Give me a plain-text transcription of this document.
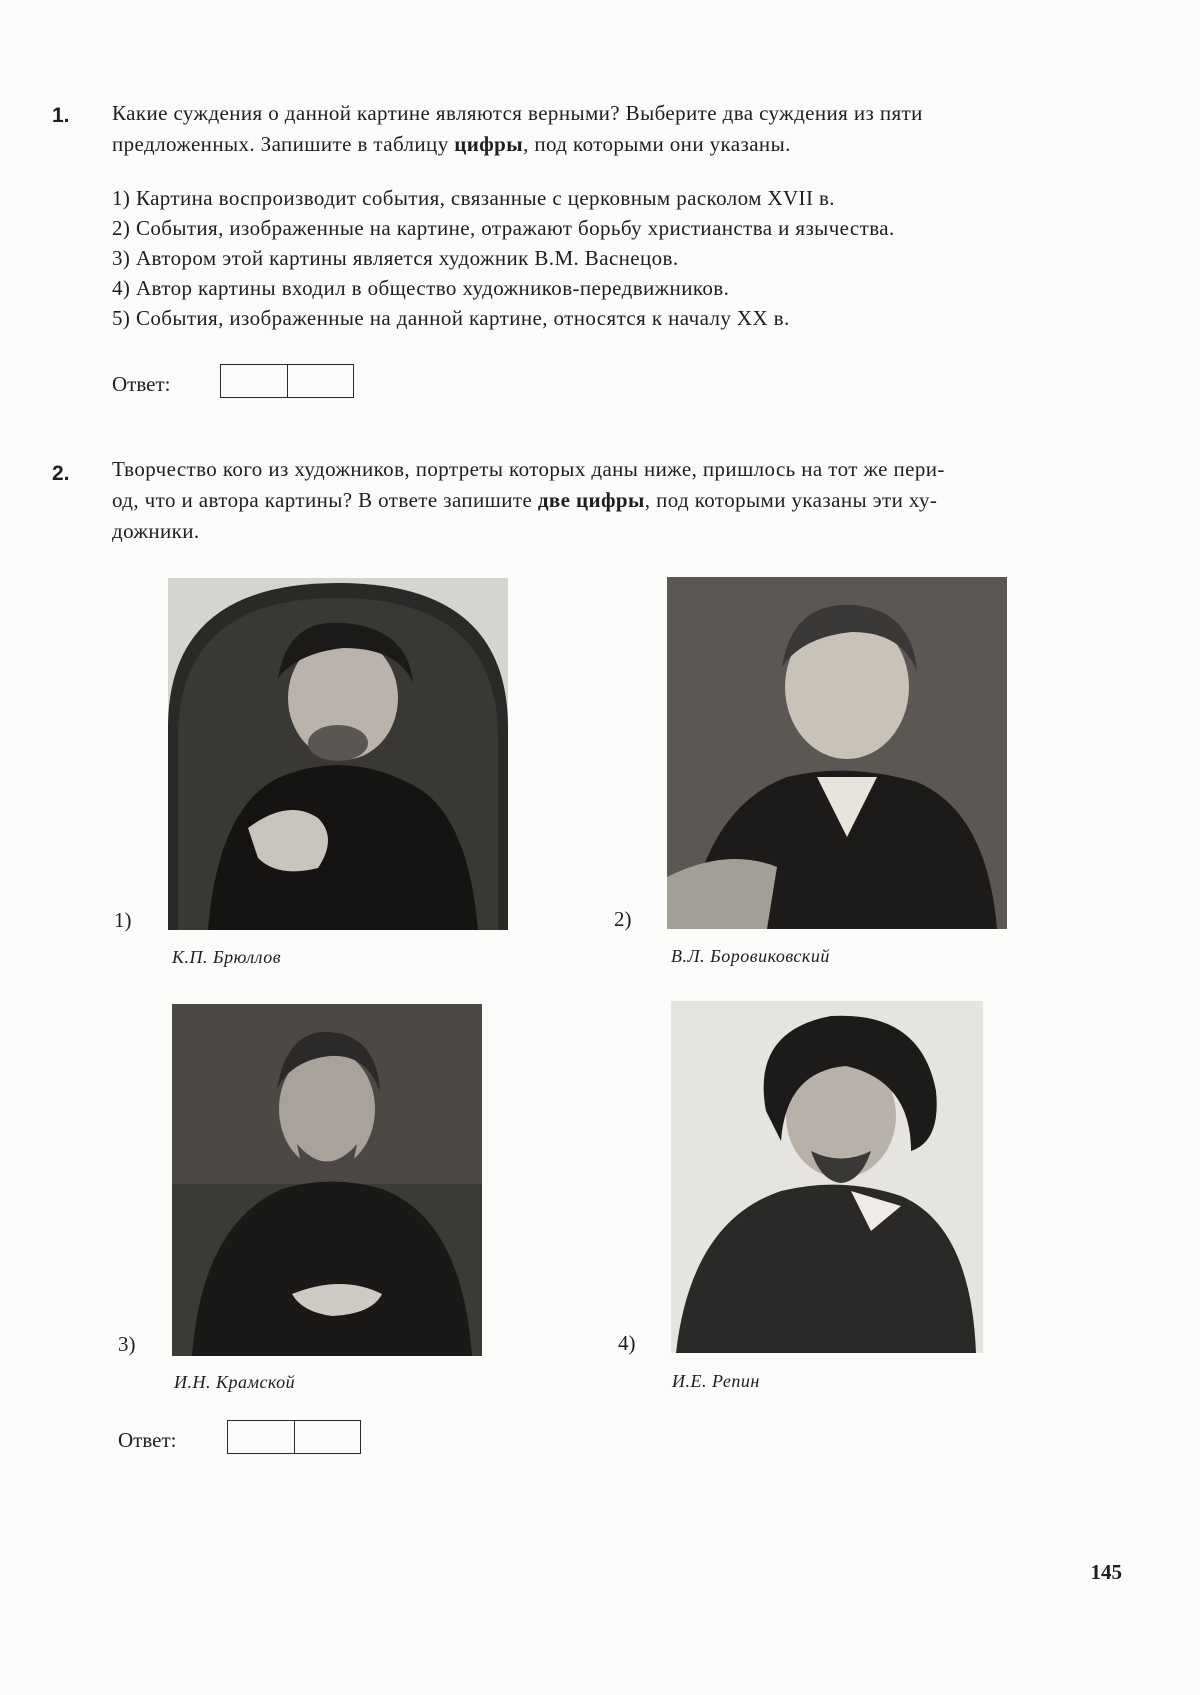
1. Какие суждения о данной картине являются верными? Выберите два суждения из пяти
предложенных. Запишите в таблицу цифры, под которыми они указаны.
1) Картина воспроизводит события, связанные с церковным расколом XVII в.
2) События, изображенные на картине, отражают борьбу христианства и язычества.
3) Автором этой картины является художник В.М. Васнецов.
4) Автор картины входил в общество художников-передвижников.
5) События, изображенные на данной картине, относятся к началу XX в.
Ответ:
2. Творчество кого из художников, портреты которых даны ниже, пришлось на тот же пери-
од, что и автора картины? В ответе запишите две цифры, под которыми указаны эти ху-
дожники.
1)
К.П. Брюллов
2)
В.Л. Боровиковский
3)
И.Н. Крамской
4)
И.Е. Репин
Ответ:
145
